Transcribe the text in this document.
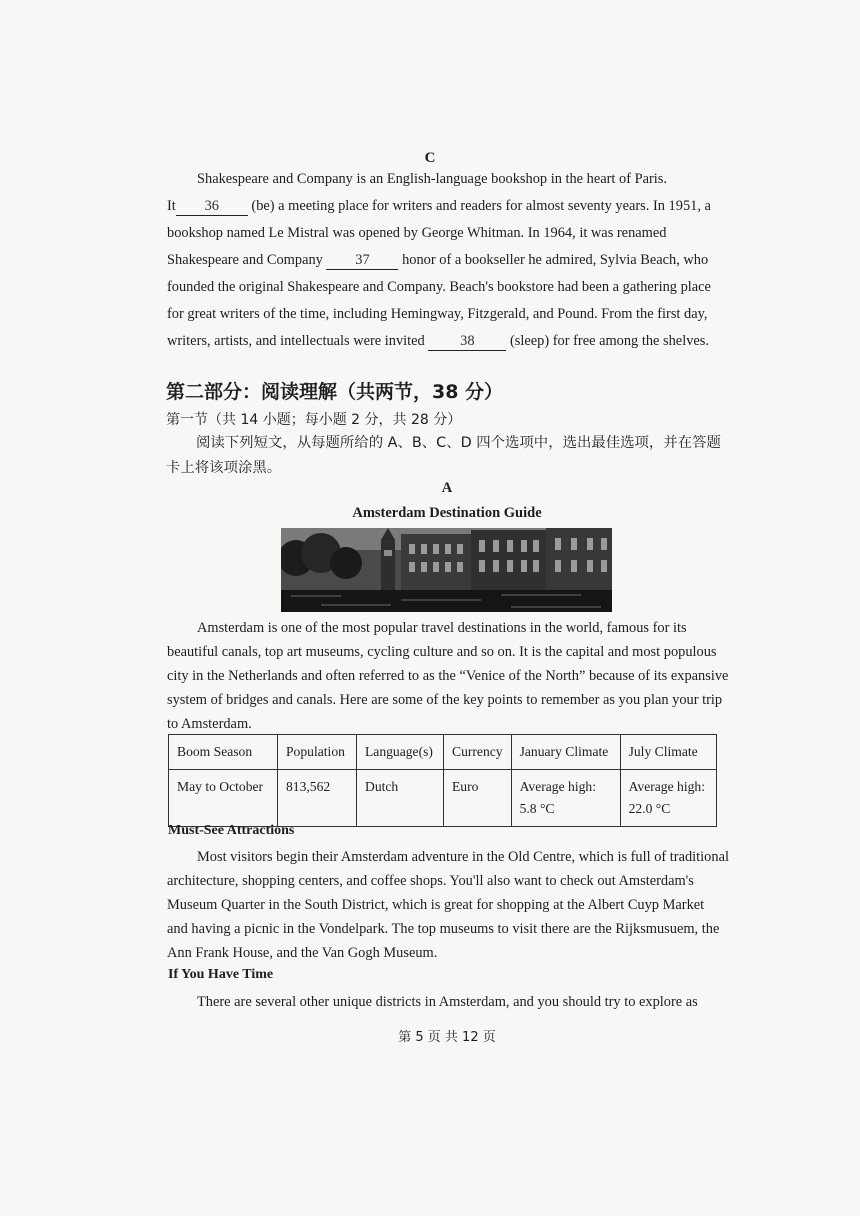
C
Shakespeare and Company is an English-language bookshop in the heart of Paris.
It 36 (be) a meeting place for writers and readers for almost seventy years. In 1951, a
bookshop named Le Mistral was opened by George Whitman. In 1964, it was renamed
Shakespeare and Company 37 honor of a bookseller he admired, Sylvia Beach, who
founded the original Shakespeare and Company. Beach's bookstore had been a gathering place
for great writers of the time, including Hemingway, Fitzgerald, and Pound. From the first day,
writers, artists, and intellectuals were invited 38 (sleep) for free among the shelves.
第二部分：阅读理解（共两节，38 分）
第一节（共 14 小题；每小题 2 分，共 28 分）
阅读下列短文，从每题所给的 A、B、C、D 四个选项中，选出最佳选项，并在答题
卡上将该项涂黑。
A
Amsterdam Destination Guide
Amsterdam is one of the most popular travel destinations in the world, famous for its
beautiful canals, top art museums, cycling culture and so on. It is the capital and most populous
city in the Netherlands and often referred to as the “Venice of the North” because of its expansive
system of bridges and canals. Here are some of the key points to remember as you plan your trip
to Amsterdam.
Boom Season	Population	Language(s)	Currency	January Climate	July Climate
May to October	813,562	Dutch	Euro	Average high:
5.8 °C	Average high:
22.0 °C
Must-See Attractions
Most visitors begin their Amsterdam adventure in the Old Centre, which is full of traditional
architecture, shopping centers, and coffee shops. You'll also want to check out Amsterdam's
Museum Quarter in the South District, which is great for shopping at the Albert Cuyp Market
and having a picnic in the Vondelpark. The top museums to visit there are the Rijksmusuem, the
Ann Frank House, and the Van Gogh Museum.
If You Have Time
There are several other unique districts in Amsterdam, and you should try to explore as
第 5 页 共 12 页
